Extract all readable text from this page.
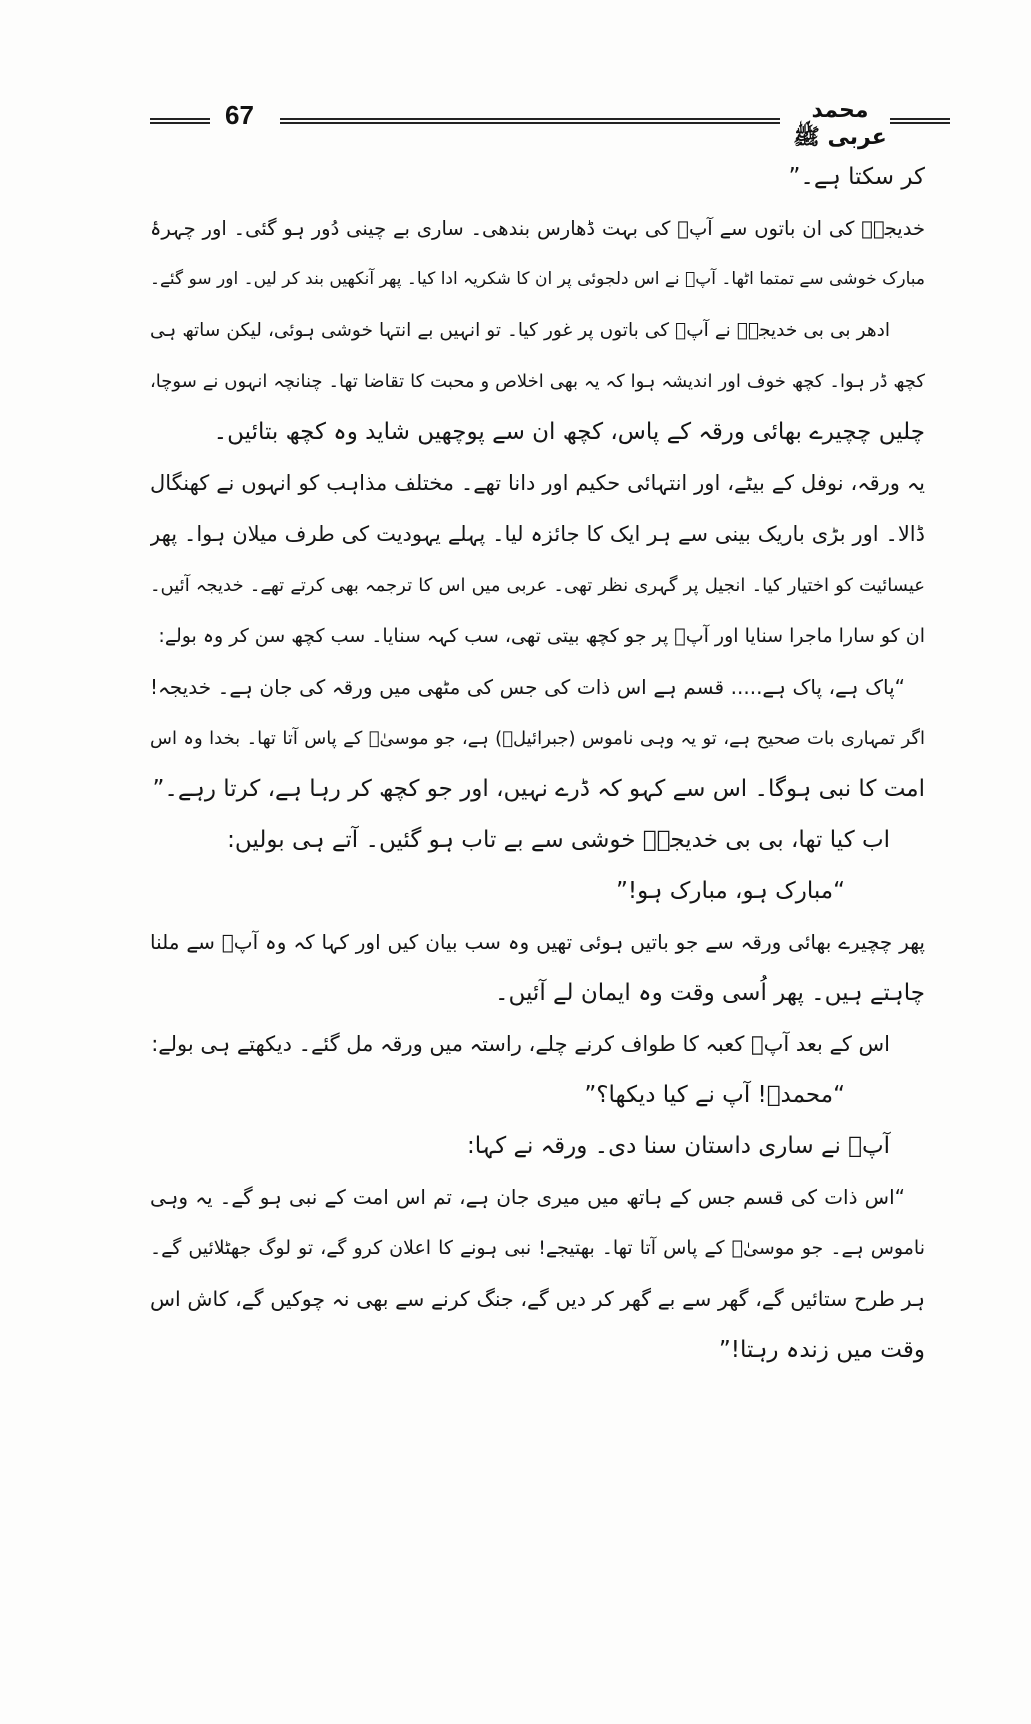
67	محمد عربی ﷺ
کر سکتا ہے۔”
خدیجہؓ کی ان باتوں سے آپؐ کی بہت ڈھارس بندھی۔ ساری بے چینی دُور ہو گئی۔ اور چہرۂ
مبارک خوشی سے تمتما اٹھا۔ آپؐ نے اس دلجوئی پر ان کا شکریہ ادا کیا۔ پھر آنکھیں بند کر لیں۔ اور سو گئے۔
ادھر بی بی خدیجہؓ نے آپؐ کی باتوں پر غور کیا۔ تو انہیں بے انتہا خوشی ہوئی، لیکن ساتھ ہی
کچھ ڈر ہوا۔ کچھ خوف اور اندیشہ ہوا کہ یہ بھی اخلاص و محبت کا تقاضا تھا۔ چنانچہ انہوں نے سوچا،
چلیں چچیرے بھائی ورقہ کے پاس، کچھ ان سے پوچھیں شاید وہ کچھ بتائیں۔
یہ ورقہ، نوفل کے بیٹے، اور انتہائی حکیم اور دانا تھے۔ مختلف مذاہب کو انہوں نے کھنگال
ڈالا۔ اور بڑی باریک بینی سے ہر ایک کا جائزہ لیا۔ پہلے یہودیت کی طرف میلان ہوا۔ پھر
عیسائیت کو اختیار کیا۔ انجیل پر گہری نظر تھی۔ عربی میں اس کا ترجمہ بھی کرتے تھے۔ خدیجہ آئیں۔
ان کو سارا ماجرا سنایا اور آپؐ پر جو کچھ بیتی تھی، سب کہہ سنایا۔ سب کچھ سن کر وہ بولے:
“پاک ہے، پاک ہے..... قسم ہے اس ذات کی جس کی مٹھی میں ورقہ کی جان ہے۔ خدیجہ!
اگر تمہاری بات صحیح ہے، تو یہ وہی ناموس (جبرائیلؑ) ہے، جو موسیٰؑ کے پاس آتا تھا۔ بخدا وہ اس
امت کا نبی ہوگا۔ اس سے کہو کہ ڈرے نہیں، اور جو کچھ کر رہا ہے، کرتا رہے۔”
اب کیا تھا، بی بی خدیجہؓ خوشی سے بے تاب ہو گئیں۔ آتے ہی بولیں:
“مبارک ہو، مبارک ہو!”
پھر چچیرے بھائی ورقہ سے جو باتیں ہوئی تھیں وہ سب بیان کیں اور کہا کہ وہ آپؐ سے ملنا
چاہتے ہیں۔ پھر اُسی وقت وہ ایمان لے آئیں۔
اس کے بعد آپؐ کعبہ کا طواف کرنے چلے، راستہ میں ورقہ مل گئے۔ دیکھتے ہی بولے:
“محمدؐ! آپ نے کیا دیکھا؟”
آپؐ نے ساری داستان سنا دی۔ ورقہ نے کہا:
“اس ذات کی قسم جس کے ہاتھ میں میری جان ہے، تم اس امت کے نبی ہو گے۔ یہ وہی
ناموس ہے۔ جو موسیٰؑ کے پاس آتا تھا۔ بھتیجے! نبی ہونے کا اعلان کرو گے، تو لوگ جھٹلائیں گے۔
ہر طرح ستائیں گے، گھر سے بے گھر کر دیں گے، جنگ کرنے سے بھی نہ چوکیں گے، کاش اس
وقت میں زندہ رہتا!”
